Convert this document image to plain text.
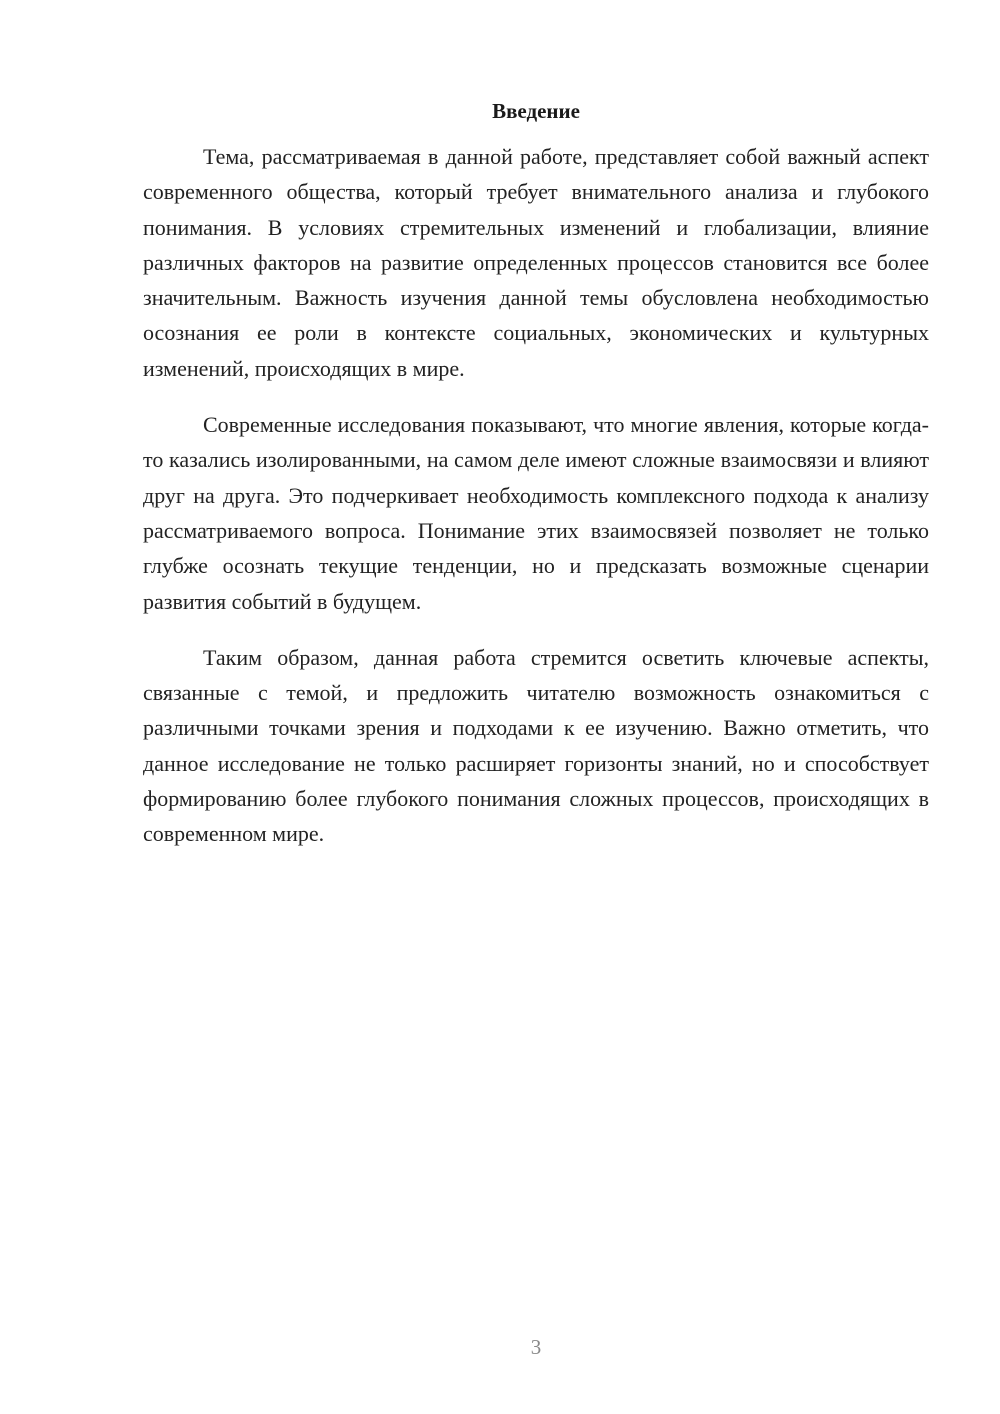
Введение

Тема, рассматриваемая в данной работе, представляет собой важный аспект современного общества, который требует внимательного анализа и глубокого понимания. В условиях стремительных изменений и глобализации, влияние различных факторов на развитие определенных процессов становится все более значительным. Важность изучения данной темы обусловлена необходимостью осознания ее роли в контексте социальных, экономических и культурных изменений, происходящих в мире.

Современные исследования показывают, что многие явления, которые когда-то казались изолированными, на самом деле имеют сложные взаимосвязи и влияют друг на друга. Это подчеркивает необходимость комплексного подхода к анализу рассматриваемого вопроса. Понимание этих взаимосвязей позволяет не только глубже осознать текущие тенденции, но и предсказать возможные сценарии развития событий в будущем.

Таким образом, данная работа стремится осветить ключевые аспекты, связанные с темой, и предложить читателю возможность ознакомиться с различными точками зрения и подходами к ее изучению. Важно отметить, что данное исследование не только расширяет горизонты знаний, но и способствует формированию более глубокого понимания сложных процессов, происходящих в современном мире.

3
